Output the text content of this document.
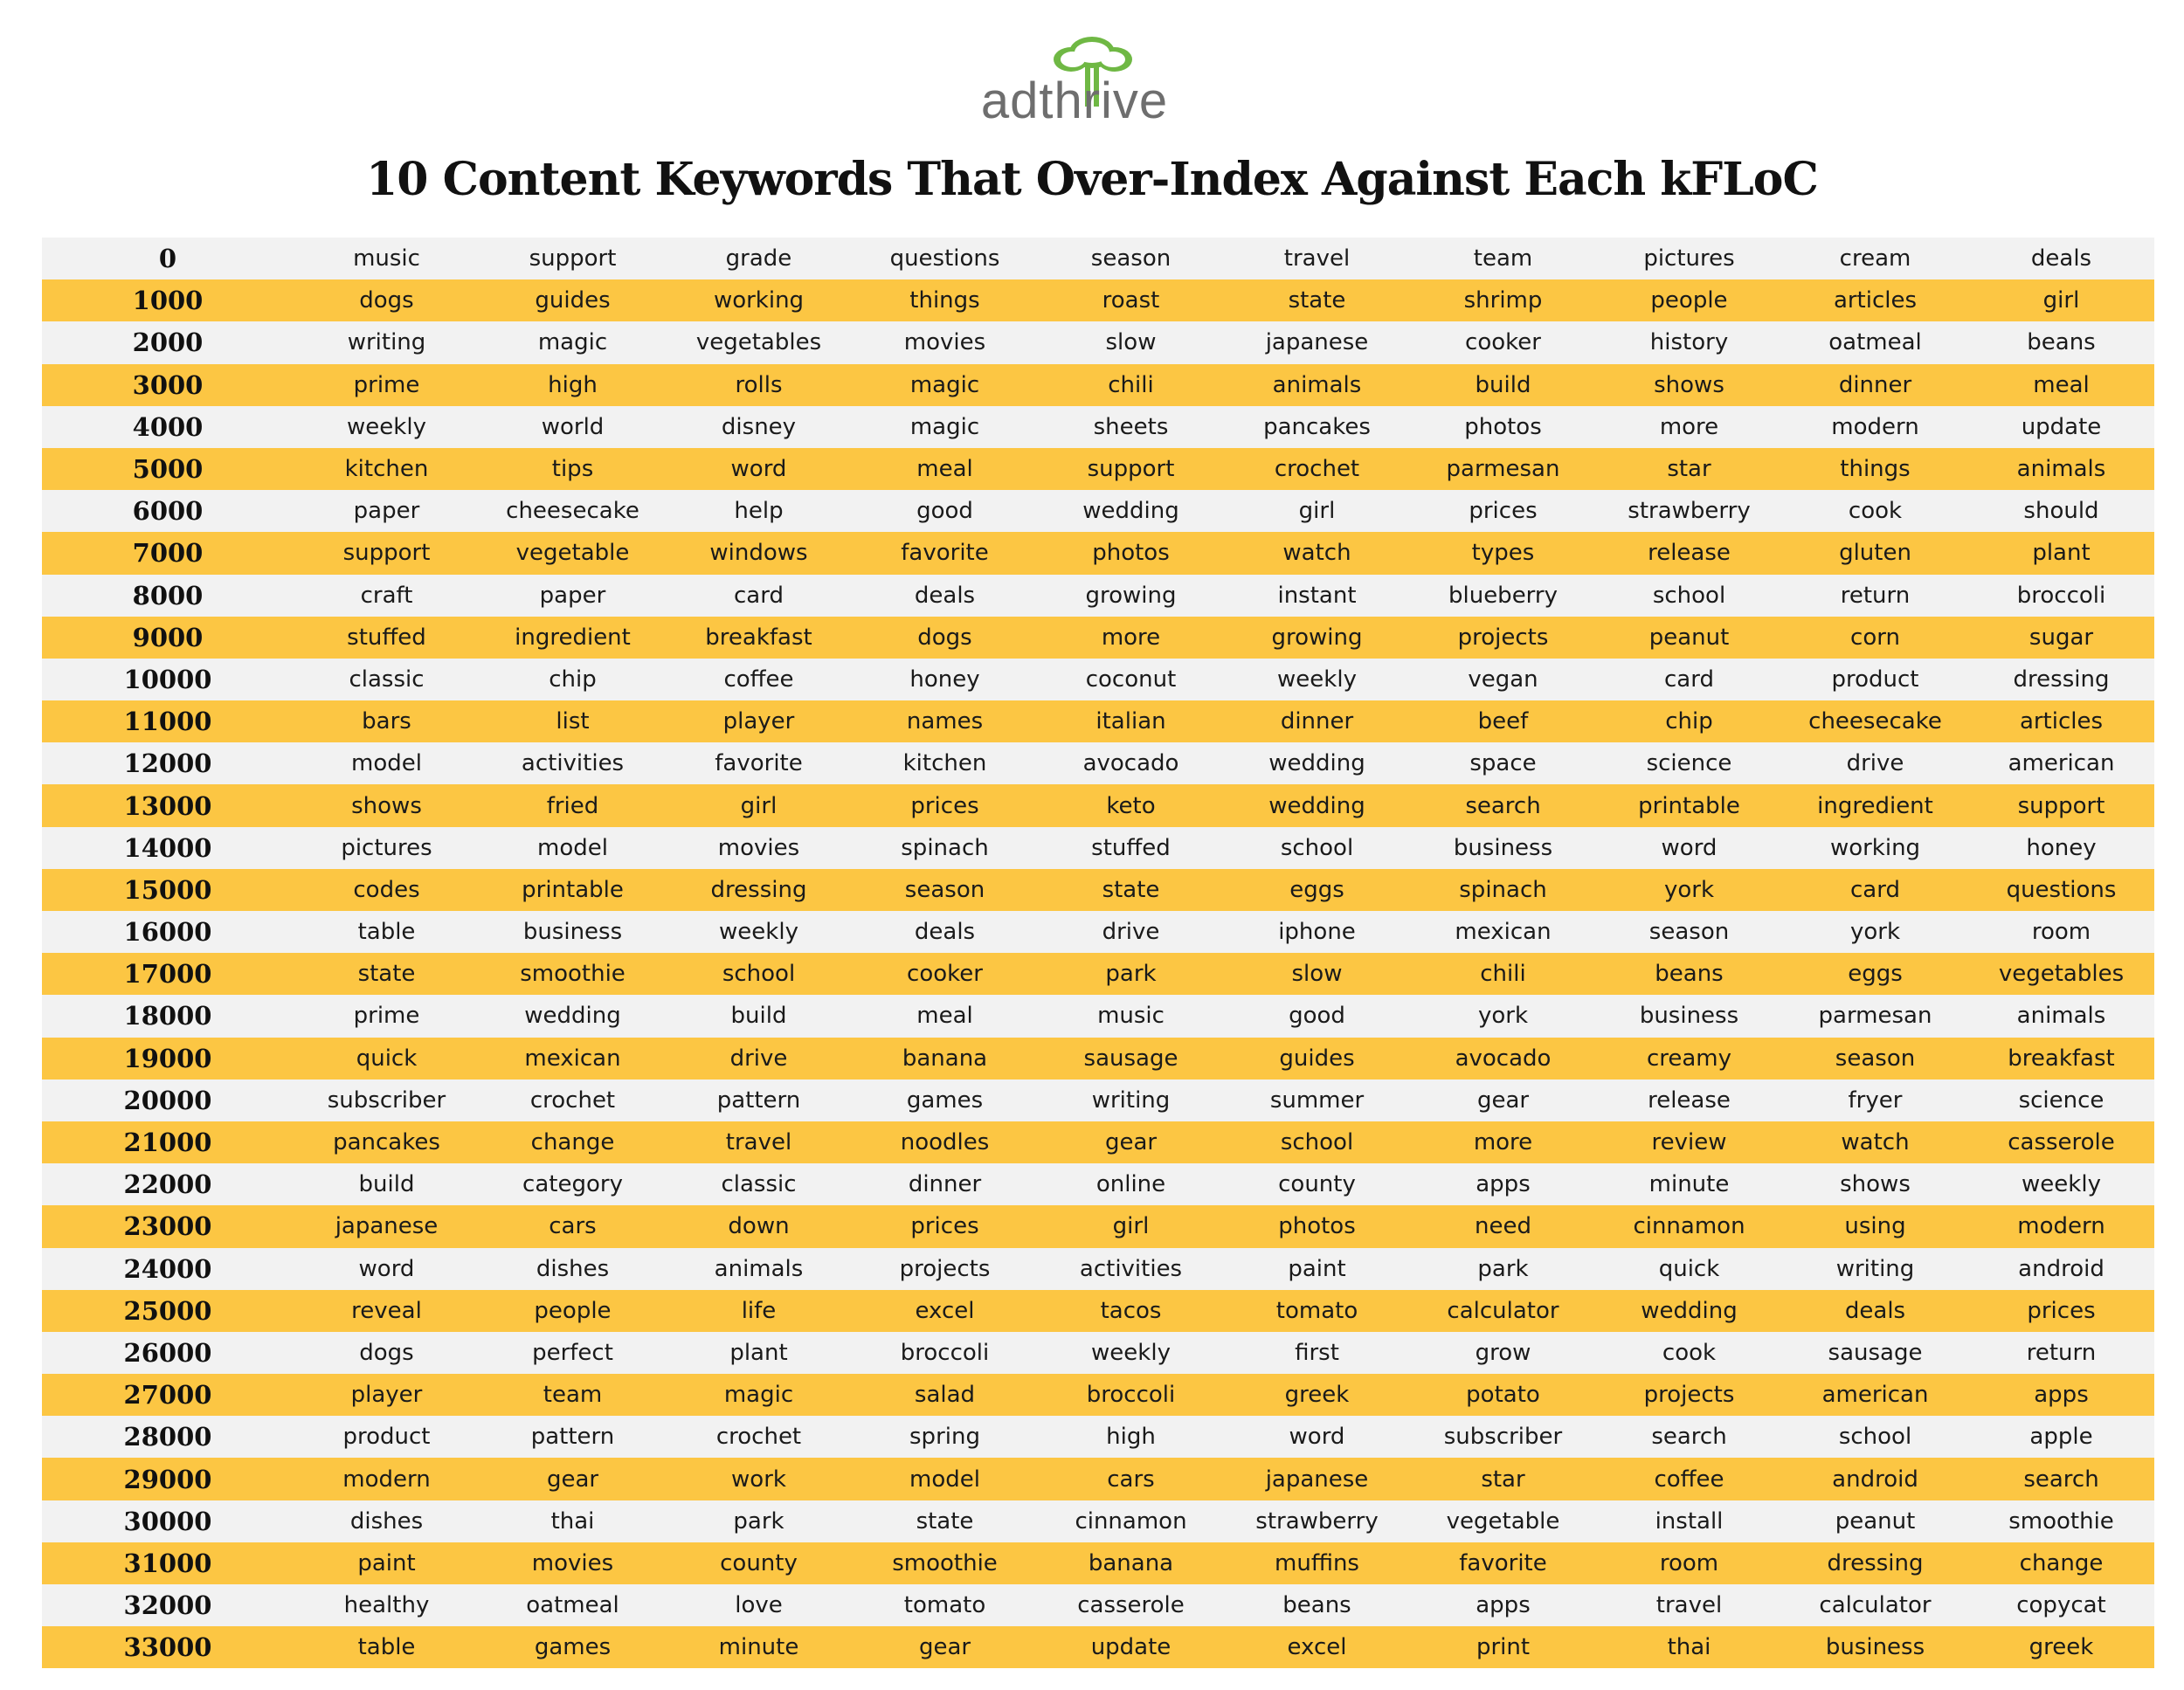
adthrive
10 Content Keywords That Over-Index Against Each kFLoC
0	music	support	grade	questions	season	travel	team	pictures	cream	deals
1000	dogs	guides	working	things	roast	state	shrimp	people	articles	girl
2000	writing	magic	vegetables	movies	slow	japanese	cooker	history	oatmeal	beans
3000	prime	high	rolls	magic	chili	animals	build	shows	dinner	meal
4000	weekly	world	disney	magic	sheets	pancakes	photos	more	modern	update
5000	kitchen	tips	word	meal	support	crochet	parmesan	star	things	animals
6000	paper	cheesecake	help	good	wedding	girl	prices	strawberry	cook	should
7000	support	vegetable	windows	favorite	photos	watch	types	release	gluten	plant
8000	craft	paper	card	deals	growing	instant	blueberry	school	return	broccoli
9000	stuffed	ingredient	breakfast	dogs	more	growing	projects	peanut	corn	sugar
10000	classic	chip	coffee	honey	coconut	weekly	vegan	card	product	dressing
11000	bars	list	player	names	italian	dinner	beef	chip	cheesecake	articles
12000	model	activities	favorite	kitchen	avocado	wedding	space	science	drive	american
13000	shows	fried	girl	prices	keto	wedding	search	printable	ingredient	support
14000	pictures	model	movies	spinach	stuffed	school	business	word	working	honey
15000	codes	printable	dressing	season	state	eggs	spinach	york	card	questions
16000	table	business	weekly	deals	drive	iphone	mexican	season	york	room
17000	state	smoothie	school	cooker	park	slow	chili	beans	eggs	vegetables
18000	prime	wedding	build	meal	music	good	york	business	parmesan	animals
19000	quick	mexican	drive	banana	sausage	guides	avocado	creamy	season	breakfast
20000	subscriber	crochet	pattern	games	writing	summer	gear	release	fryer	science
21000	pancakes	change	travel	noodles	gear	school	more	review	watch	casserole
22000	build	category	classic	dinner	online	county	apps	minute	shows	weekly
23000	japanese	cars	down	prices	girl	photos	need	cinnamon	using	modern
24000	word	dishes	animals	projects	activities	paint	park	quick	writing	android
25000	reveal	people	life	excel	tacos	tomato	calculator	wedding	deals	prices
26000	dogs	perfect	plant	broccoli	weekly	first	grow	cook	sausage	return
27000	player	team	magic	salad	broccoli	greek	potato	projects	american	apps
28000	product	pattern	crochet	spring	high	word	subscriber	search	school	apple
29000	modern	gear	work	model	cars	japanese	star	coffee	android	search
30000	dishes	thai	park	state	cinnamon	strawberry	vegetable	install	peanut	smoothie
31000	paint	movies	county	smoothie	banana	muffins	favorite	room	dressing	change
32000	healthy	oatmeal	love	tomato	casserole	beans	apps	travel	calculator	copycat
33000	table	games	minute	gear	update	excel	print	thai	business	greek
